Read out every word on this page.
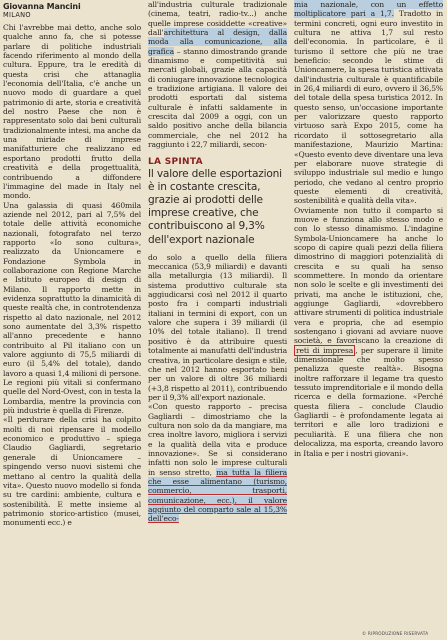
Giovanna Mancini
MILANO

Chi l'avrebbe mai detto, anche solo qualche anno fa, che si potesse parlare di politiche industriali facendo riferimento al mondo della cultura. Eppure, tra le eredità di questa crisi che attanaglia l'economia dell'Italia, c'è anche un nuovo modo di guardare a quel patrimonio di arte, storia e creatività del nostro Paese che non è rappresentato solo dai beni culturali tradizionalmente intesi, ma anche da una miriade di imprese manifatturiere che realizzano ed esportano prodotti frutto della creatività e della progettualità, contribuendo a diffondere l'immagine del made in Italy nel mondo.

Una galassia di quasi 460mila aziende nel 2012, pari al 7,5% del totale delle attività economiche nazionali, fotografato nel terzo rapporto «Io sono cultura», realizzato da Unioncamere e Fondazione Symbola in collaborazione con Regione Marche e Istituto europeo di design di Milano. Il rapporto mette in evidenza soprattutto la dinamicità di queste realtà che, in controtendenza rispetto al dato nazionale, nel 2012 sono aumentate del 3,3% rispetto all'anno precedente e hanno contribuito al Pil italiano con un valore aggiunto di 75,5 miliardi di euro (il 5,4% del totale), dando lavoro a quasi 1,4 milioni di persone. Le regioni più vitali si confermano quelle del Nord-Ovest, con in testa la Lombardia, mentre la provincia con più industrie è quella di Firenze.

«Il perdurare della crisi ha colpito molti di noi ripensare il modello economico e produttivo – spiega Claudio Gagliardi, segretario generale di Unioncamere – spingendo verso nuovi sistemi che mettano al centro la qualità della vita». Questo nuovo modello si fonda su tre cardini: ambiente, cultura e sostenibilità. E mette insieme al patrimonio storico-artistico (musei, monumenti ecc.) e

all'industria culturale tradizionale (cinema, teatri, radio-tv...) anche quelle imprese cosiddette «creative» dall'architettura al design, dalla moda alla comunicazione, alla grafica – stanno dimostrando grande dinamismo e competitività sui mercati globali, grazie alla capacità di coniugare innovazione tecnologica e tradizione artigiana. Il valore dei prodotti esportati dal sistema culturale è infatti saldamente in crescita dal 2009 a oggi, con un saldo positivo anche della bilancia commerciale, che nel 2012 ha raggiunto i 22,7 miliardi, secon-

LA SPINTA
Il valore delle esportazioni è in costante crescita, grazie ai prodotti delle imprese creative, che contribuiscono al 9,3% dell'export nazionale

do solo a quello della filiera meccanica (53,9 miliardi) e davanti alla metallurgia (13 miliardi). Il sistema produttivo culturale sta aggiudicarsi così nel 2012 il quarto posto fra i comparti industriali italiani in termini di export, con un valore che supera i 39 miliardi (il 10% del totale italiano). Il trend positivo è da attribuire questi totalmente ai manufatti dell'industria creativa, in particolare design e stile, che nel 2012 hanno esportato beni per un valore di oltre 36 miliardi (+3,8 rispetto al 2011), contribuendo per il 9,3% all'export nazionale.

«Con questo rapporto – precisa Gagliardi – dimostriamo che la cultura non solo da da mangiare, ma crea inoltre lavoro, migliora i servizi e la qualità della vita e produce innovazione». Se si considerano infatti non solo le imprese culturali in senso stretto, ma tutta la filiera che esse alimentano (turismo, commercio, trasporti, comunicazione, ecc.), il valore aggiunto del comparto sale al 15,3% dell'eco-

mia nazionale, con un effetto moltiplicatore pari a 1,7. Tradotto in termini concreti, ogni euro investito in cultura ne attiva 1,7 sul resto dell'economia. In particolare, è il turismo il settore che più ne trae beneficio: secondo le stime di Unioncamere, la spesa turistica attivata dall'industria culturale è quantificabile in 26,4 miliardi di euro, ovvero il 36,5% del totale della spesa turistica 2012. In questo senso, un'occasione importante per valorizzare questo rapporto virtuoso sarà Expo 2015, come ha ricordato il sottosegretario alla manifestazione, Maurizio Martina: «Questo evento deve diventare una leva per elaborare nuove strategie di sviluppo industriale sul medio e lungo periodo, che vedano al centro proprio queste elementi di creatività, sostenibilità e qualità della vita».

Ovviamente non tutto il comparto si muove e funziona allo stesso modo e con lo stesso dinamismo. L'indagine Symbola-Unioncamere ha anche lo scopo di capire quali pezzi della filiera dimostrino di maggiori potenzialità di crescita e su quali ha senso scommettere. In mondo da orientare non solo le scelte e gli investimenti dei privati, ma anche le istituzioni, che, aggiunge Gagliardi, «dovrebbero attivare strumenti di politica industriale vera e propria, che ad esempio sostengano i giovani ad avviare nuove società, e favoriscano la creazione di reti di impresa , per superare il limite dimensionale che molto spesso penalizza queste realtà». Bisogna inoltre rafforzare il legame tra questo tessuto imprenditoriale e il mondo della ricerca e della formazione. «Perché questa filiera – conclude Claudio Gagliardi – è profondamente legata ai territori e alle loro tradizioni e peculiarità. E una filiera che non delocalizza, ma esporta, creando lavoro in Italia e per i nostri giovani».

© RIPRODUZIONE RISERVATA
